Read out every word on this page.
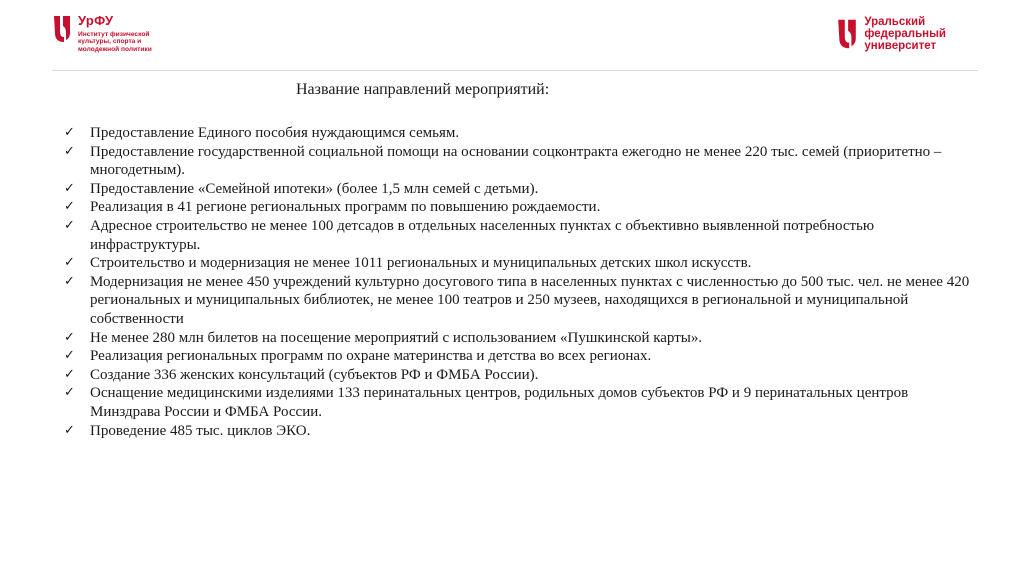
УрФУ
Институт физической
культуры, спорта и
молодежной политики
Уральский
федеральный
университет
Название направлений мероприятий:
✓ Предоставление Единого пособия нуждающимся семьям.
✓ Предоставление государственной социальной помощи на основании соцконтракта ежегодно не менее 220 тыс. семей (приоритетно – многодетным).
✓ Предоставление «Семейной ипотеки» (более 1,5 млн семей с детьми).
✓ Реализация в 41 регионе региональных программ по повышению рождаемости.
✓ Адресное строительство не менее 100 детсадов в отдельных населенных пунктах с объективно выявленной потребностью инфраструктуры.
✓ Строительство и модернизация не менее 1011 региональных и муниципальных детских школ искусств.
✓ Модернизация не менее 450 учреждений культурно досугового типа в населенных пунктах с численностью до 500 тыс. чел. не менее 420 региональных и муниципальных библиотек, не менее 100 театров и 250 музеев, находящихся в региональной и муниципальной собственности
✓ Не менее 280 млн билетов на посещение мероприятий с использованием «Пушкинской карты».
✓ Реализация региональных программ по охране материнства и детства во всех регионах.
✓ Создание 336 женских консультаций (субъектов РФ и ФМБА России).
✓ Оснащение медицинскими изделиями 133 перинатальных центров, родильных домов субъектов РФ и 9 перинатальных центров Минздрава России и ФМБА России.
✓ Проведение 485 тыс. циклов ЭКО.
